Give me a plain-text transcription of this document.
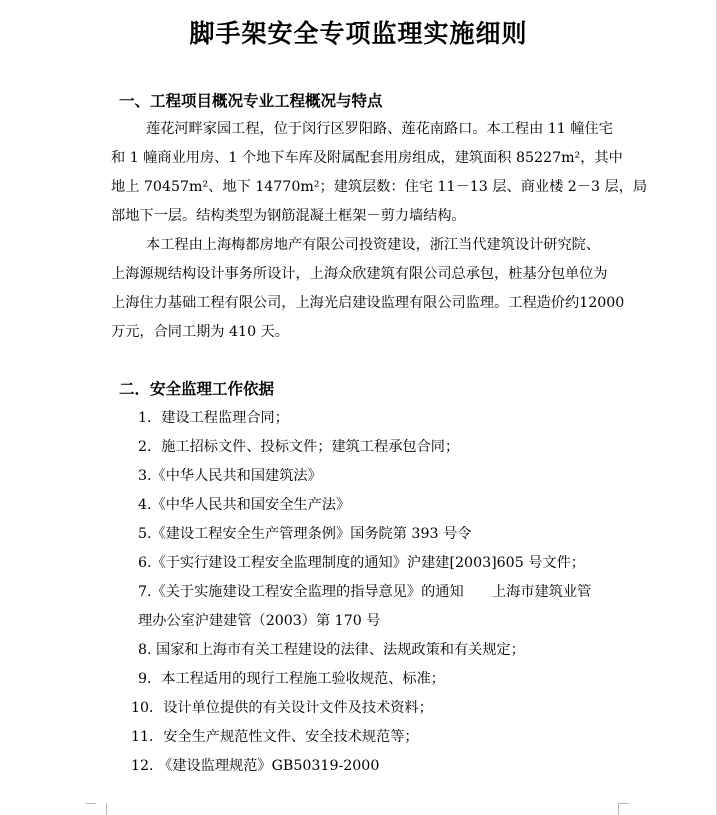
脚手架安全专项监理实施细则
一、工程项目概况专业工程概况与特点
莲花河畔家园工程，位于闵行区罗阳路、莲花南路口。本工程由 11 幢住宅
和 1 幢商业用房、1 个地下车库及附属配套用房组成，建筑面积 85227m²，其中
地上 70457m²、地下 14770m²；建筑层数：住宅 11－13 层、商业楼 2－3 层，局
部地下一层。结构类型为钢筋混凝土框架－剪力墙结构。
本工程由上海梅都房地产有限公司投资建设，浙江当代建筑设计研究院、
上海源规结构设计事务所设计，上海众欣建筑有限公司总承包，桩基分包单位为
上海住力基础工程有限公司，上海光启建设监理有限公司监理。工程造价约12000
万元，合同工期为 410 天。
二．安全监理工作依据
1．建设工程监理合同；
2．施工招标文件、投标文件；建筑工程承包合同；
3.《中华人民共和国建筑法》
4.《中华人民共和国安全生产法》
5.《建设工程安全生产管理条例》国务院第 393 号令
6.《于实行建设工程安全监理制度的通知》沪建建[2003]605 号文件；
7.《关于实施建设工程安全监理的指导意见》的通知　　上海市建筑业管
理办公室沪建建管（2003）第 170 号
8. 国家和上海市有关工程建设的法律、法规政策和有关规定；
9．本工程适用的现行工程施工验收规范、标准；
10．设计单位提供的有关设计文件及技术资料；
11．安全生产规范性文件、安全技术规范等；
12. 《建设监理规范》GB50319-2000
